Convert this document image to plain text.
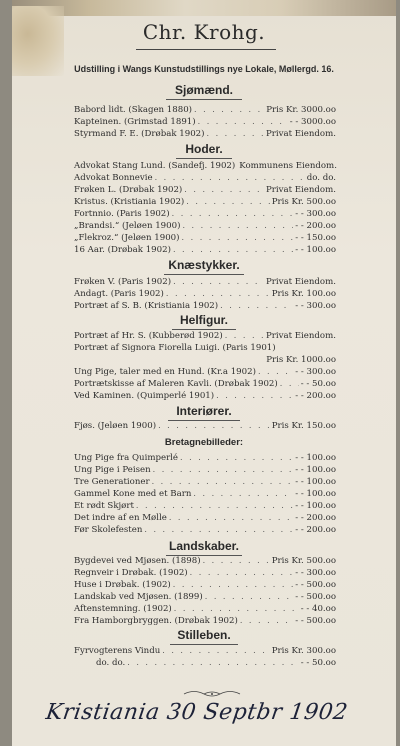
Chr. Krohg.
Udstilling i Wangs Kunstudstillings nye Lokale, Møllergd. 16.
Sjømænd.
Babord lidt. (Skagen 1880) . . .	Pris Kr. 3000.oo
Kapteinen. (Grimstad 1891) . . .	- - 3000.oo
Styrmand F. E. (Drøbak 1902) . . .	Privat Eiendom.
Hoder.
Advokat Stang Lund. (Sandefj. 1902) Kommunens Eiendom.
Advokat Bonnevie . . .	do. do.
Frøken L. (Drøbak 1902) . . .	Privat Eiendom.
Kristus. (Kristiania 1902) . . .	Pris Kr. 500.oo
Fortnnio. (Paris 1902) . . .	- - 300.oo
„Brandsi.“ (Jeløen 1900) . . .	- - 200.oo
„Flekroz.“ (Jeløen 1900) . . .	- - 150.oo
16 Aar. (Drøbak 1902) . . .	- - 100.oo
Knæstykker.
Frøken V. (Paris 1902) . . .	Privat Eiendom.
Andagt. (Paris 1902) . . .	Pris Kr. 100.oo
Portræt af S. B. (Kristiania 1902) . . .	- - 300.oo
Helfigur.
Portræt af Hr. S. (Kubberød 1902) . . .	Privat Eiendom.
Portræt af Signora Fiorella Luigi. (Paris 1901)
Pris Kr. 1000.oo
Ung Pige, taler med en Hund. (Kr.a 1902) . . .	- - 300.oo
Portrætskisse af Maleren Kavli. (Drøbak 1902) . . .	- - 50.oo
Ved Kaminen. (Quimperlé 1901) . . .	- - 200.oo
Interiører.
Fjøs. (Jeløen 1900) . . .	Pris Kr. 150.oo
Bretagnebilleder:
Ung Pige fra Quimperlé . . .	- - 100.oo
Ung Pige i Peisen . . .	- - 100.oo
Tre Generationer . . .	- - 100.oo
Gammel Kone med et Barn . . .	- - 100.oo
Et rødt Skjørt . . .	- - 100.oo
Det indre af en Mølle . . .	- - 200.oo
Før Skolefesten . . .	- - 200.oo
Landskaber.
Bygdevei ved Mjøsen. (1898) . . .	Pris Kr. 500.oo
Regnveir i Drøbak. (1902) . . .	- - 300.oo
Huse i Drøbak. (1902) . . .	- - 500.oo
Landskab ved Mjøsen. (1899) . . .	- - 500.oo
Aftenstemning. (1902) . . .	- - 40.oo
Fra Hamborgbryggen. (Drøbak 1902) . . .	- - 500.oo
Stilleben.
Fyrvogterens Vindu . . .	Pris Kr. 300.oo
do. do. . . .	- - 50.oo
Kristiania 30 Septbr 1902
